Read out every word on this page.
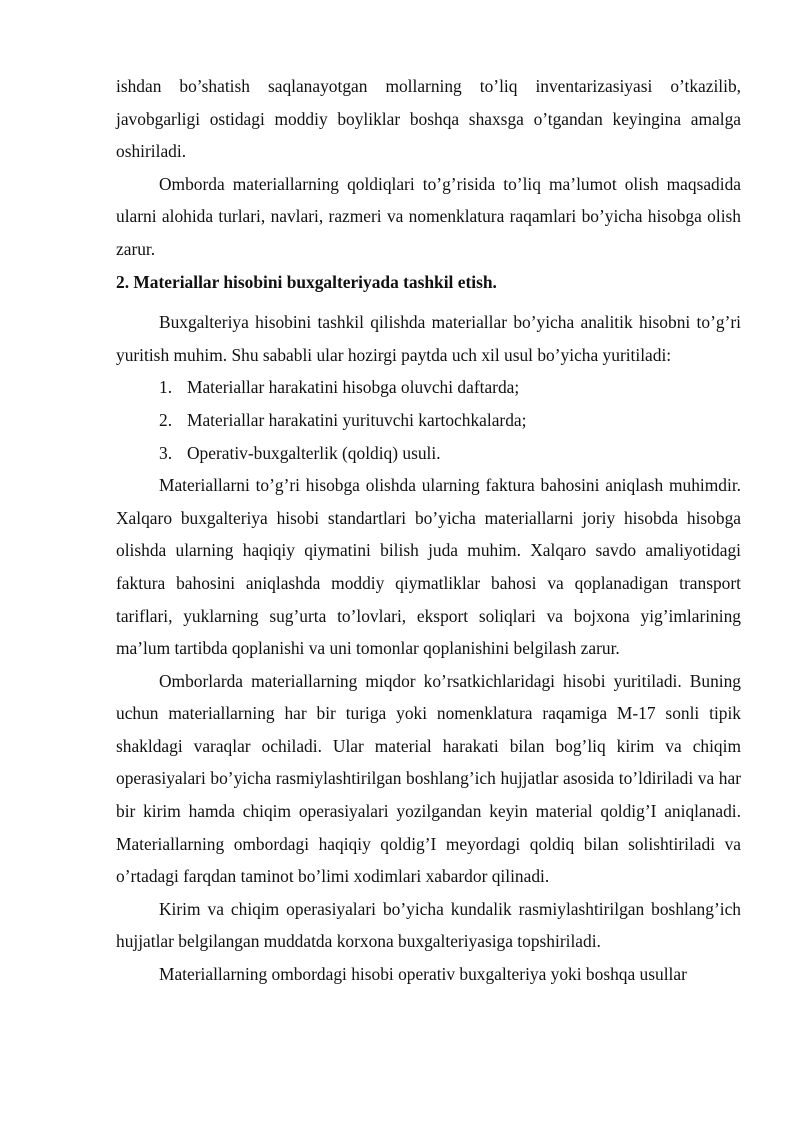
ishdan bo’shatish saqlanayotgan mollarning to’liq inventarizasiyasi o’tkazilib, javobgarligi ostidagi moddiy boyliklar boshqa shaxsga o’tgandan keyingina amalga oshiriladi.

Omborda materiallarning qoldiqlari to’g’risida to’liq ma’lumot olish maqsadida ularni alohida turlari, navlari, razmeri va nomenklatura raqamlari bo’yicha hisobga olish zarur.

2. Materiallar hisobini buxgalteriyada tashkil etish.

Buxgalteriya hisobini tashkil qilishda materiallar bo’yicha analitik hisobni to’g’ri yuritish muhim. Shu sababli ular hozirgi paytda uch xil usul bo’yicha yuritiladi:

1. Materiallar harakatini hisobga oluvchi daftarda;
2. Materiallar harakatini yurituvchi kartochkalarda;
3. Operativ-buxgalterlik (qoldiq) usuli.

Materiallarni to’g’ri hisobga olishda ularning faktura bahosini aniqlash muhimdir. Xalqaro buxgalteriya hisobi standartlari bo’yicha materiallarni joriy hisobda hisobga olishda ularning haqiqiy qiymatini bilish juda muhim. Xalqaro savdo amaliyotidagi faktura bahosini aniqlashda moddiy qiymatliklar bahosi va qoplanadigan transport tariflari, yuklarning sug’urta to’lovlari, eksport soliqlari va bojxona yig’imlarining ma’lum tartibda qoplanishi va uni tomonlar qoplanishini belgilash zarur.

Omborlarda materiallarning miqdor ko’rsatkichlaridagi hisobi yuritiladi. Buning uchun materiallarning har bir turiga yoki nomenklatura raqamiga M-17 sonli tipik shakldagi varaqlar ochiladi. Ular material harakati bilan bog’liq kirim va chiqim operasiyalari bo’yicha rasmiylashtirilgan boshlang’ich hujjatlar asosida to’ldiriladi va har bir kirim hamda chiqim operasiyalari yozilgandan keyin material qoldig’I aniqlanadi. Materiallarning ombordagi haqiqiy qoldig’I meyordagi qoldiq bilan solishtiriladi va o’rtadagi farqdan taminot bo’limi xodimlari xabardor qilinadi.

Kirim va chiqim operasiyalari bo’yicha kundalik rasmiylashtirilgan boshlang’ich hujjatlar belgilangan muddatda korxona buxgalteriyasiga topshiriladi.

Materiallarning ombordagi hisobi operativ buxgalteriya yoki boshqa usullar
